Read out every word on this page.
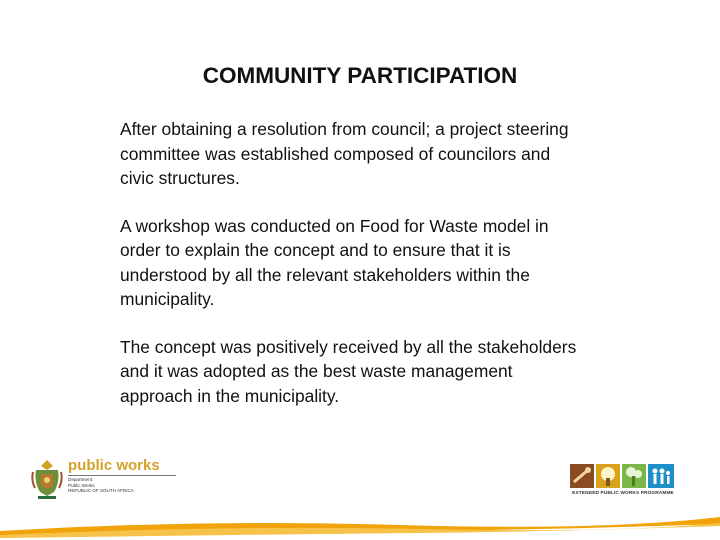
COMMUNITY PARTICIPATION

After obtaining a resolution from council; a project steering
committee was established composed of councilors and
civic structures.

A workshop was conducted on Food for Waste model in
order to explain the concept and to ensure that it is
understood by all the relevant stakeholders within the
municipality.

The concept was positively received by all the stakeholders
and it was adopted as the best waste management
approach in the municipality.

public works
Department:
Public Works
REPUBLIC OF SOUTH AFRICA
EXTENDED PUBLIC WORKS PROGRAMME
